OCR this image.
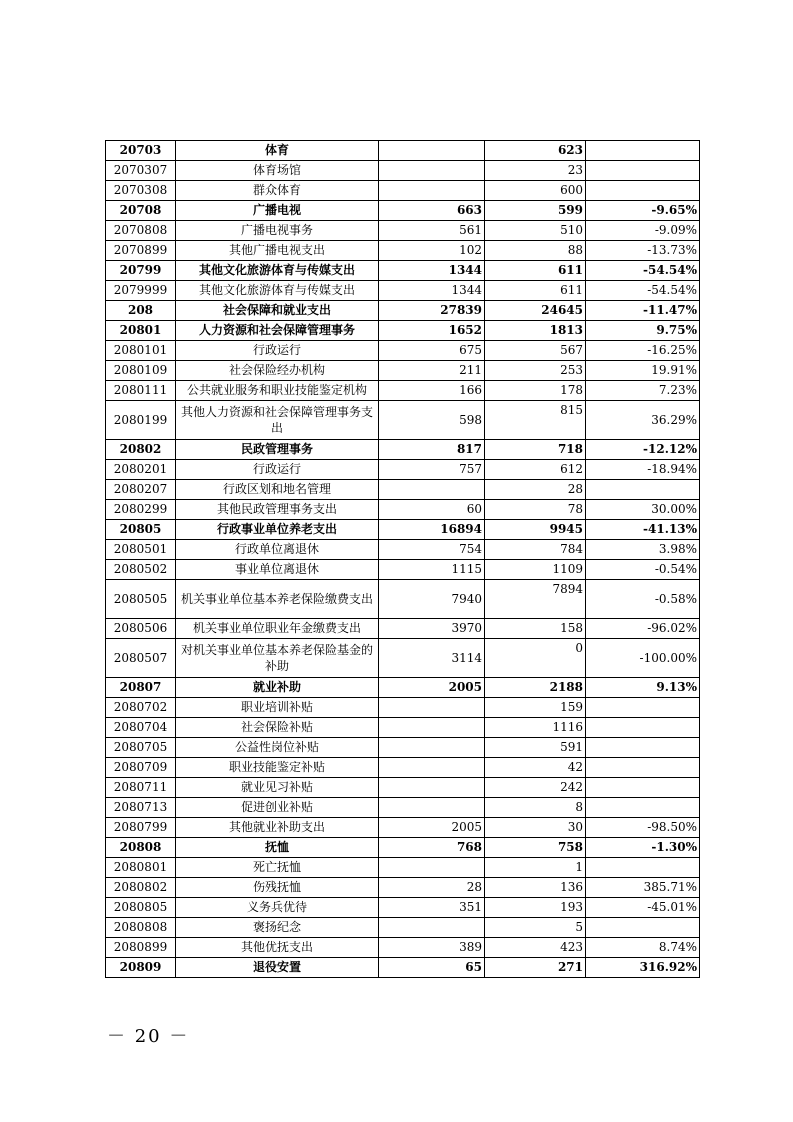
20703	体育		623	
2070307	体育场馆		23	
2070308	群众体育		600	
20708	广播电视	663	599	-9.65%
2070808	广播电视事务	561	510	-9.09%
2070899	其他广播电视支出	102	88	-13.73%
20799	其他文化旅游体育与传媒支出	1344	611	-54.54%
2079999	其他文化旅游体育与传媒支出	1344	611	-54.54%
208	社会保障和就业支出	27839	24645	-11.47%
20801	人力资源和社会保障管理事务	1652	1813	9.75%
2080101	行政运行	675	567	-16.25%
2080109	社会保险经办机构	211	253	19.91%
2080111	公共就业服务和职业技能鉴定机构	166	178	7.23%
2080199	其他人力资源和社会保障管理事务支出	598	815	36.29%
20802	民政管理事务	817	718	-12.12%
2080201	行政运行	757	612	-18.94%
2080207	行政区划和地名管理		28	
2080299	其他民政管理事务支出	60	78	30.00%
20805	行政事业单位养老支出	16894	9945	-41.13%
2080501	行政单位离退休	754	784	3.98%
2080502	事业单位离退休	1115	1109	-0.54%
2080505	机关事业单位基本养老保险缴费支出	7940	7894	-0.58%
2080506	机关事业单位职业年金缴费支出	3970	158	-96.02%
2080507	对机关事业单位基本养老保险基金的补助	3114	0	-100.00%
20807	就业补助	2005	2188	9.13%
2080702	职业培训补贴		159	
2080704	社会保险补贴		1116	
2080705	公益性岗位补贴		591	
2080709	职业技能鉴定补贴		42	
2080711	就业见习补贴		242	
2080713	促进创业补贴		8	
2080799	其他就业补助支出	2005	30	-98.50%
20808	抚恤	768	758	-1.30%
2080801	死亡抚恤		1	
2080802	伤残抚恤	28	136	385.71%
2080805	义务兵优待	351	193	-45.01%
2080808	褒扬纪念		5	
2080899	其他优抚支出	389	423	8.74%
20809	退役安置	65	271	316.92%
－ 20 －
